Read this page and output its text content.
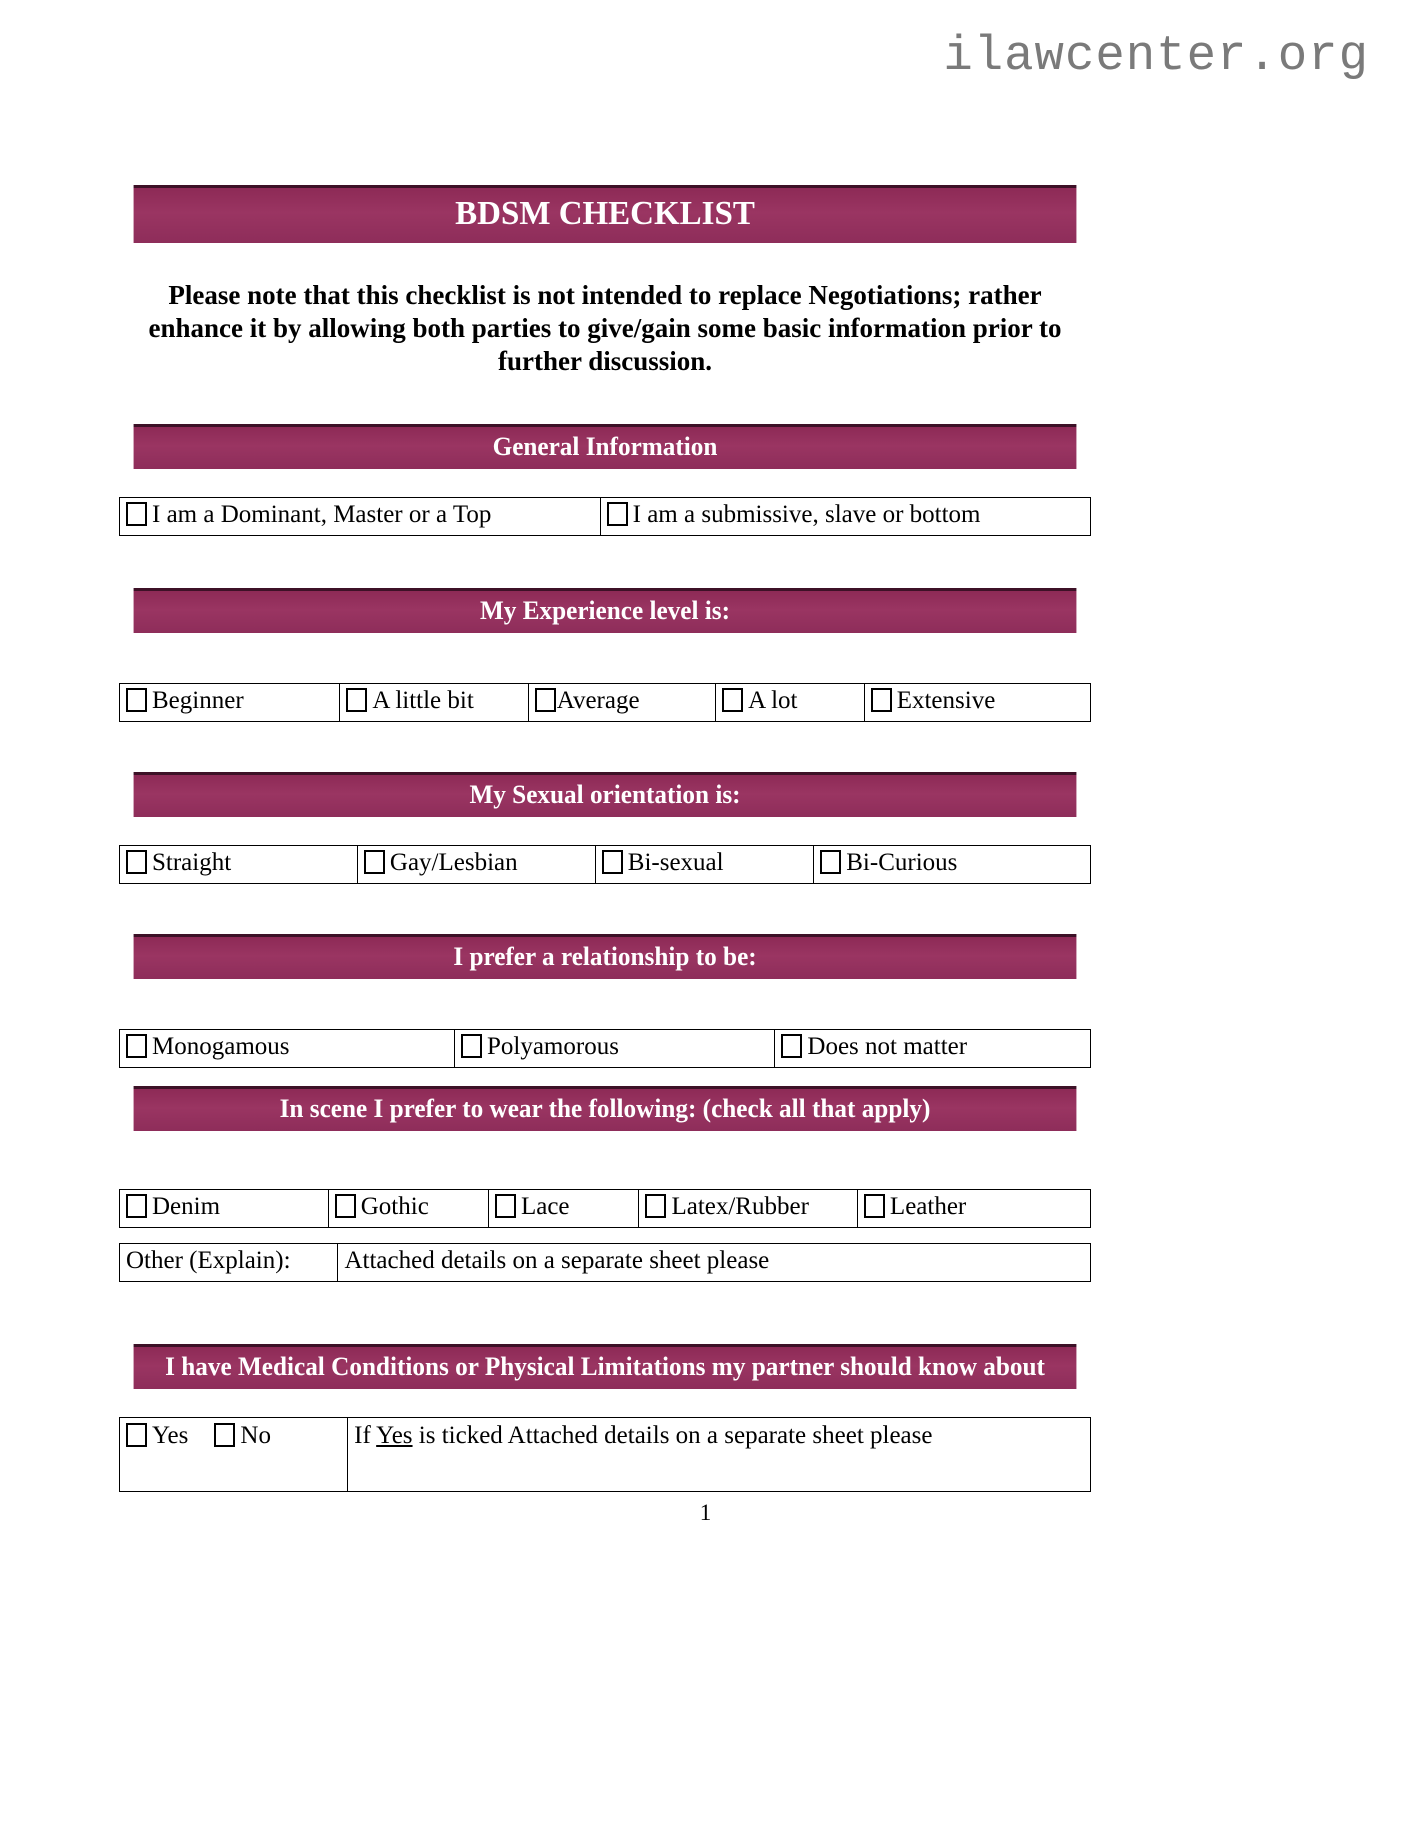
ilawcenter.org
BDSM CHECKLIST

Please note that this checklist is not intended to replace Negotiations; rather enhance it by allowing both parties to give/gain some basic information prior to further discussion.

General Information
I am a Dominant, Master or a Top	I am a submissive, slave or bottom
My Experience level is:
Beginner	A little bit	Average	A lot	Extensive
My Sexual orientation is:
Straight	Gay/Lesbian	Bi-sexual	Bi-Curious
I prefer a relationship to be:
Monogamous	Polyamorous	Does not matter
In scene I prefer to wear the following: (check all that apply)
Denim	Gothic	Lace	Latex/Rubber	Leather
Other (Explain):	Attached details on a separate sheet please
I have Medical Conditions or Physical Limitations my partner should know about
Yes No	If Yes is ticked Attached details on a separate sheet please
1
